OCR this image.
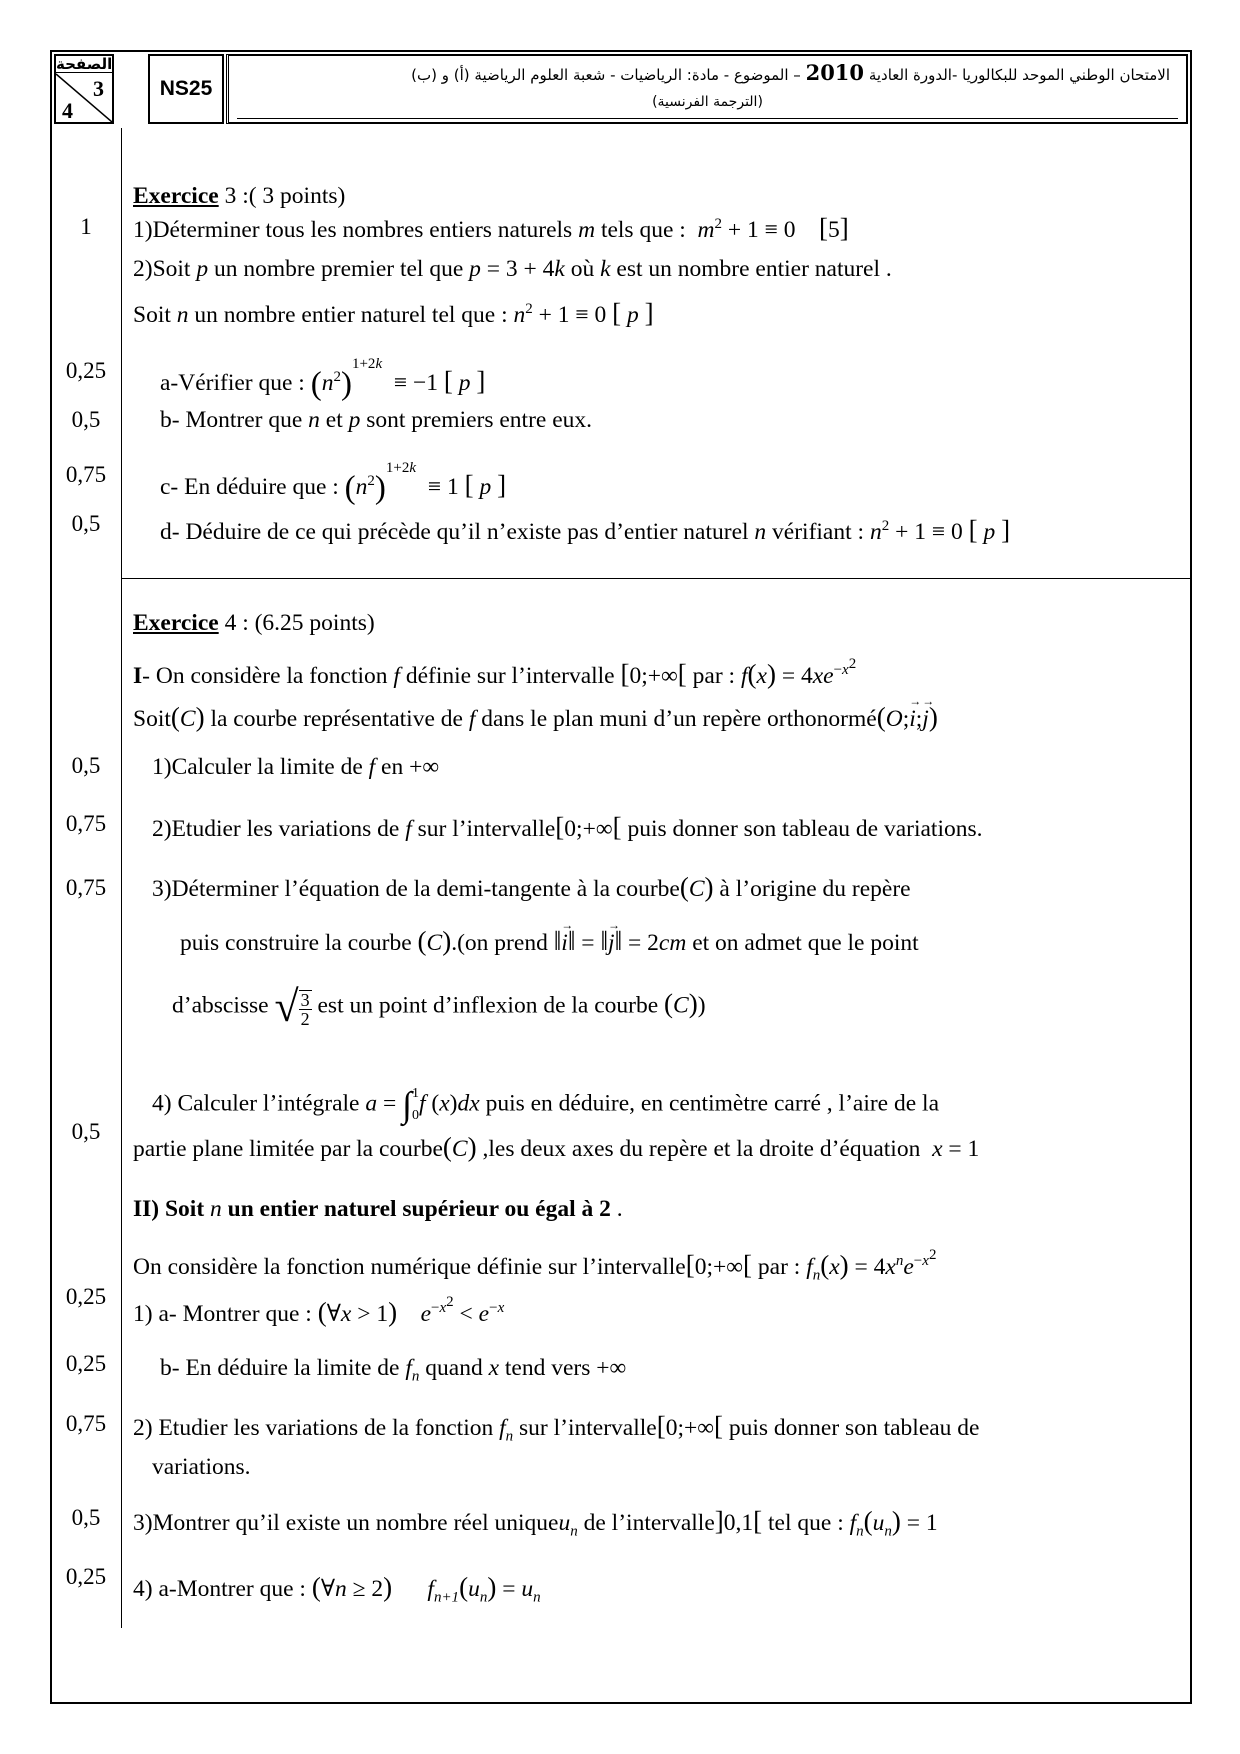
الصفحة
3
4
NS25
الامتحان الوطني الموحد للبكالوريا -الدورة العادية 2010 – الموضوع - مادة: الرياضيات - شعبة العلوم الرياضية (أ) و (ب)
(الترجمة الفرنسية)
1
0,25
0,5
0,75
0,5
0,5
0,75
0,75
0,5
0,25
0,25
0,75
0,5
0,25
Exercice 3 :( 3 points)
1)Déterminer tous les nombres entiers naturels m tels que : $m^2 + 1 \equiv 0$    [5]
2)Soit p un nombre premier tel que p = 3 + 4k où k est un nombre entier naturel .
Soit n un nombre entier naturel tel que : $n^2 + 1 \equiv 0$ [ p ]
a-Vérifier que : $(n^2)^{1+2k} \equiv -1$ [ p ]
b- Montrer que n et p sont premiers entre eux.
c- En déduire que : $(n^2)^{1+2k} \equiv 1$ [ p ]
d- Déduire de ce qui précède qu’il n’existe pas d’entier naturel n vérifiant : $n^2 + 1 \equiv 0$ [ p ]
Exercice 4 : (6.25 points)
I- On considère la fonction f définie sur l’intervalle [0;+∞[ par : $f(x) = 4xe^{-x^2}$
Soit(C) la courbe représentative de f dans le plan muni d’un repère orthonormé(O;→ i;→ j)
1)Calculer la limite de f en +∞
2)Etudier les variations de f sur l’intervalle[0;+∞[ puis donner son tableau de variations.
3)Déterminer l’équation de la demi-tangente à la courbe(C) à l’origine du repère
puis construire la courbe (C).(on prend ‖→ i‖ = ‖→ j‖ = 2cm et on admet que le point
d’abscisse √ $\frac{3}{2}$ est un point d’inflexion de la courbe (C))
4) Calculer l’intégrale a = ∫ 1
0 f (x)dx puis en déduire, en centimètre carré , l’aire de la
partie plane limitée par la courbe(C) ,les deux axes du repère et la droite d’équation  x = 1
II) Soit n un entier naturel supérieur ou égal à 2 .
On considère la fonction numérique définie sur l’intervalle[0;+∞[ par : $f_n(x) = 4x^ne^{-x^2}$
1) a- Montrer que : (∀x > 1) $e^{-x^2} < e^{-x}$
b- En déduire la limite de $f_n$ quand x tend vers +∞
2) Etudier les variations de la fonction $f_n$ sur l’intervalle[0;+∞[ puis donner son tableau de
variations.
3)Montrer qu’il existe un nombre réel uniqueu$_n$ de l’intervalle]0,1[ tel que : $f_n(u_n) = 1$
4) a-Montrer que : (∀n ≥ 2) $f_{n+1}(u_n) = u_n$
